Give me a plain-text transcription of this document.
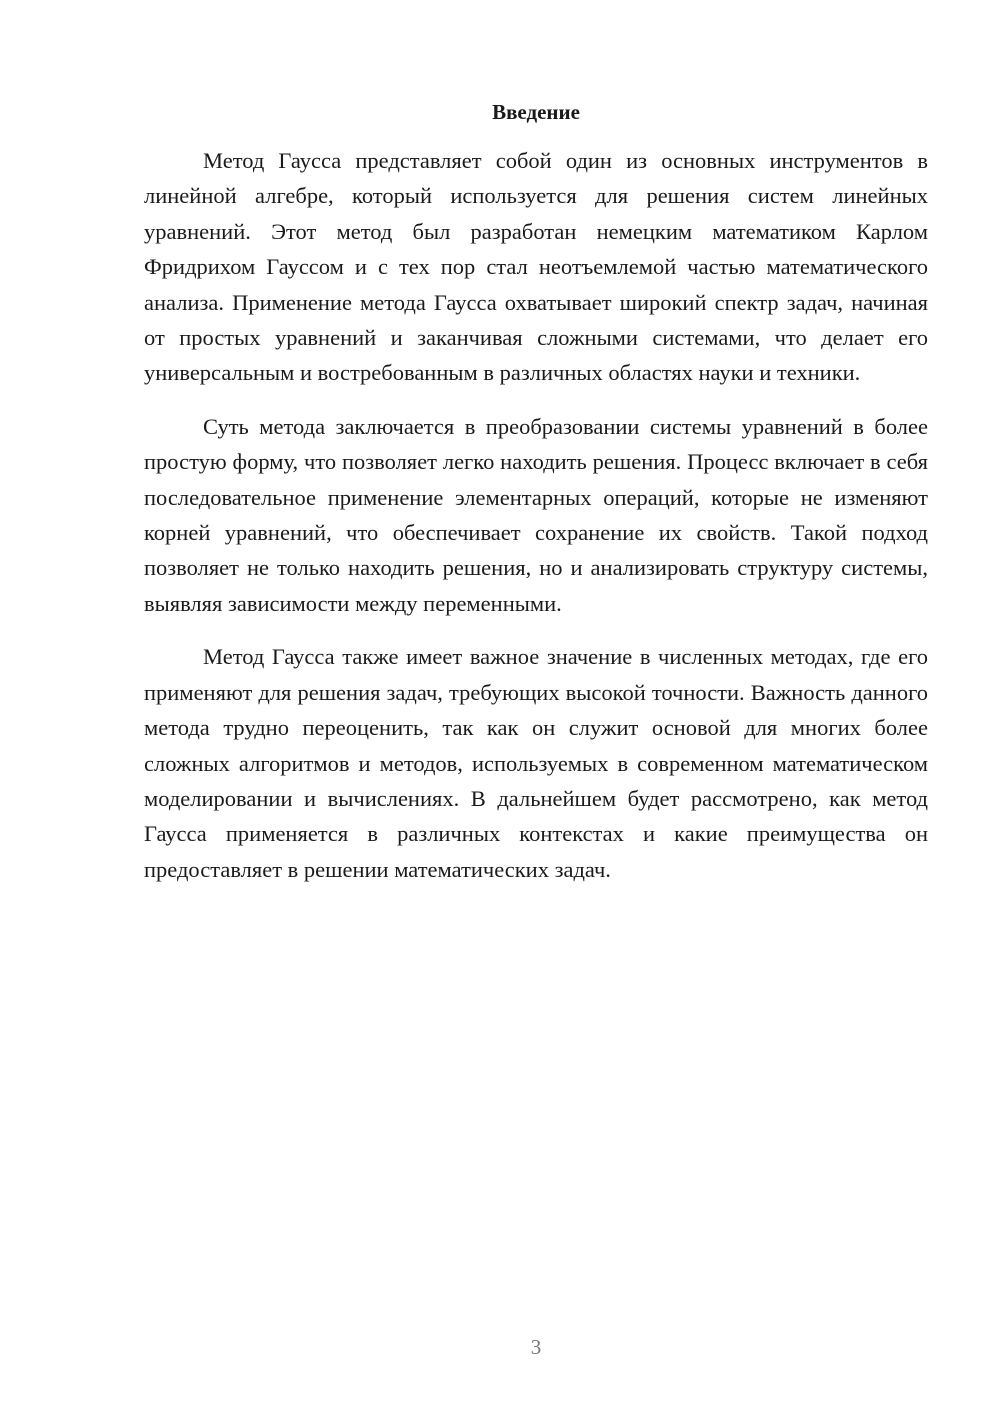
Введение

Метод Гаусса представляет собой один из основных инструментов в линейной алгебре, который используется для решения систем линейных уравнений. Этот метод был разработан немецким математиком Карлом Фридрихом Гауссом и с тех пор стал неотъемлемой частью математического анализа. Применение метода Гаусса охватывает широкий спектр задач, начиная от простых уравнений и заканчивая сложными системами, что делает его универсальным и востребованным в различных областях науки и техники.

Суть метода заключается в преобразовании системы уравнений в более простую форму, что позволяет легко находить решения. Процесс включает в себя последовательное применение элементарных операций, которые не изменяют корней уравнений, что обеспечивает сохранение их свойств. Такой подход позволяет не только находить решения, но и анализировать структуру системы, выявляя зависимости между переменными.

Метод Гаусса также имеет важное значение в численных методах, где его применяют для решения задач, требующих высокой точности. Важность данного метода трудно переоценить, так как он служит основой для многих более сложных алгоритмов и методов, используемых в современном математическом моделировании и вычислениях. В дальнейшем будет рассмотрено, как метод Гаусса применяется в различных контекстах и какие преимущества он предоставляет в решении математических задач.

3
